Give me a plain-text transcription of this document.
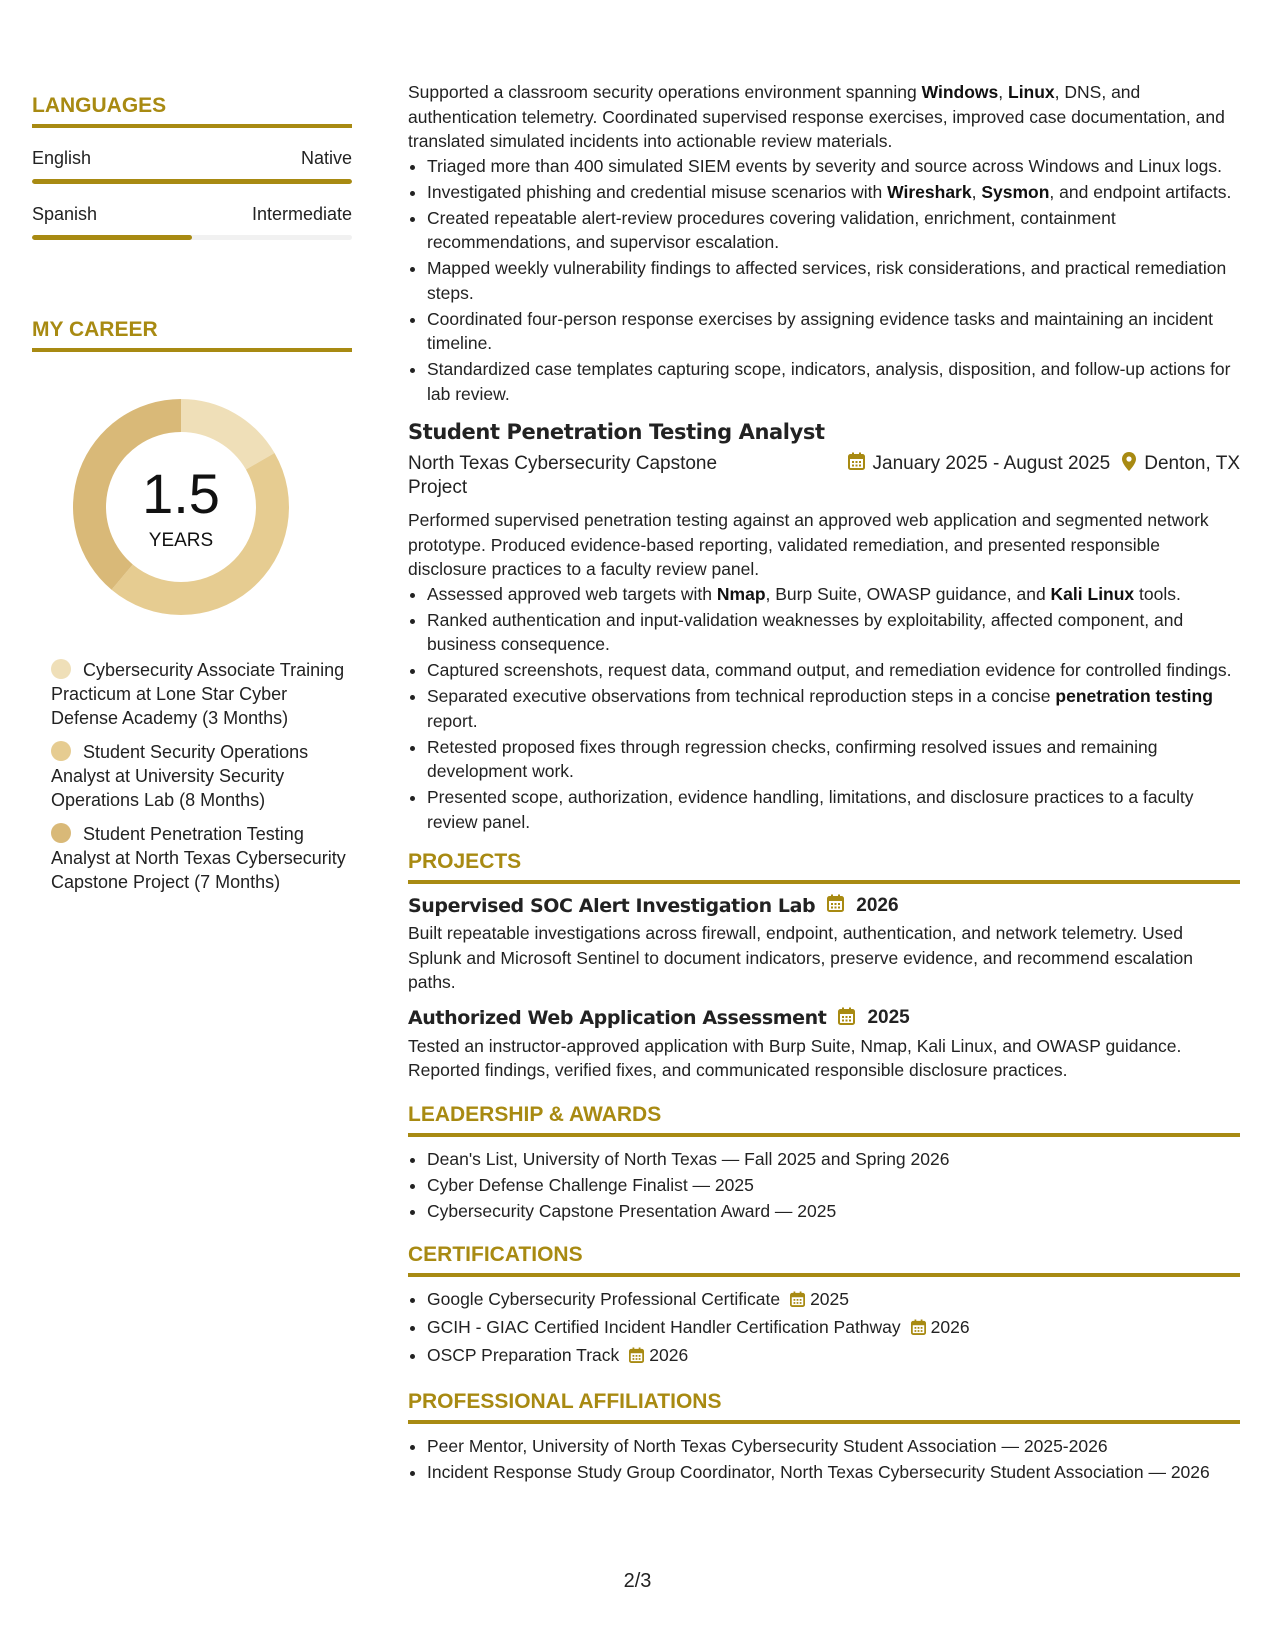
LANGUAGES
English	Native
Spanish	Intermediate
MY CAREER
1.5
YEARS
Cybersecurity Associate Training Practicum at Lone Star Cyber Defense Academy (3 Months)
Student Security Operations Analyst at University Security Operations Lab (8 Months)
Student Penetration Testing Analyst at North Texas Cybersecurity Capstone Project (7 Months)
Supported a classroom security operations environment spanning Windows, Linux, DNS, and authentication telemetry. Coordinated supervised response exercises, improved case documentation, and translated simulated incidents into actionable review materials.
• Triaged more than 400 simulated SIEM events by severity and source across Windows and Linux logs.
• Investigated phishing and credential misuse scenarios with Wireshark, Sysmon, and endpoint artifacts.
• Created repeatable alert-review procedures covering validation, enrichment, containment recommendations, and supervisor escalation.
• Mapped weekly vulnerability findings to affected services, risk considerations, and practical remediation steps.
• Coordinated four-person response exercises by assigning evidence tasks and maintaining an incident timeline.
• Standardized case templates capturing scope, indicators, analysis, disposition, and follow-up actions for lab review.
Student Penetration Testing Analyst
North Texas Cybersecurity Capstone Project
January 2025 - August 2025 Denton, TX
Performed supervised penetration testing against an approved web application and segmented network prototype. Produced evidence-based reporting, validated remediation, and presented responsible disclosure practices to a faculty review panel.
• Assessed approved web targets with Nmap, Burp Suite, OWASP guidance, and Kali Linux tools.
• Ranked authentication and input-validation weaknesses by exploitability, affected component, and business consequence.
• Captured screenshots, request data, command output, and remediation evidence for controlled findings.
• Separated executive observations from technical reproduction steps in a concise penetration testing report.
• Retested proposed fixes through regression checks, confirming resolved issues and remaining development work.
• Presented scope, authorization, evidence handling, limitations, and disclosure practices to a faculty review panel.
PROJECTS
Supervised SOC Alert Investigation Lab 2026
Built repeatable investigations across firewall, endpoint, authentication, and network telemetry. Used Splunk and Microsoft Sentinel to document indicators, preserve evidence, and recommend escalation paths.
Authorized Web Application Assessment 2025
Tested an instructor-approved application with Burp Suite, Nmap, Kali Linux, and OWASP guidance. Reported findings, verified fixes, and communicated responsible disclosure practices.
LEADERSHIP & AWARDS
• Dean's List, University of North Texas — Fall 2025 and Spring 2026
• Cyber Defense Challenge Finalist — 2025
• Cybersecurity Capstone Presentation Award — 2025
CERTIFICATIONS
• Google Cybersecurity Professional Certificate 2025
• GCIH - GIAC Certified Incident Handler Certification Pathway 2026
• OSCP Preparation Track 2026
PROFESSIONAL AFFILIATIONS
• Peer Mentor, University of North Texas Cybersecurity Student Association — 2025-2026
• Incident Response Study Group Coordinator, North Texas Cybersecurity Student Association — 2026
2/3
